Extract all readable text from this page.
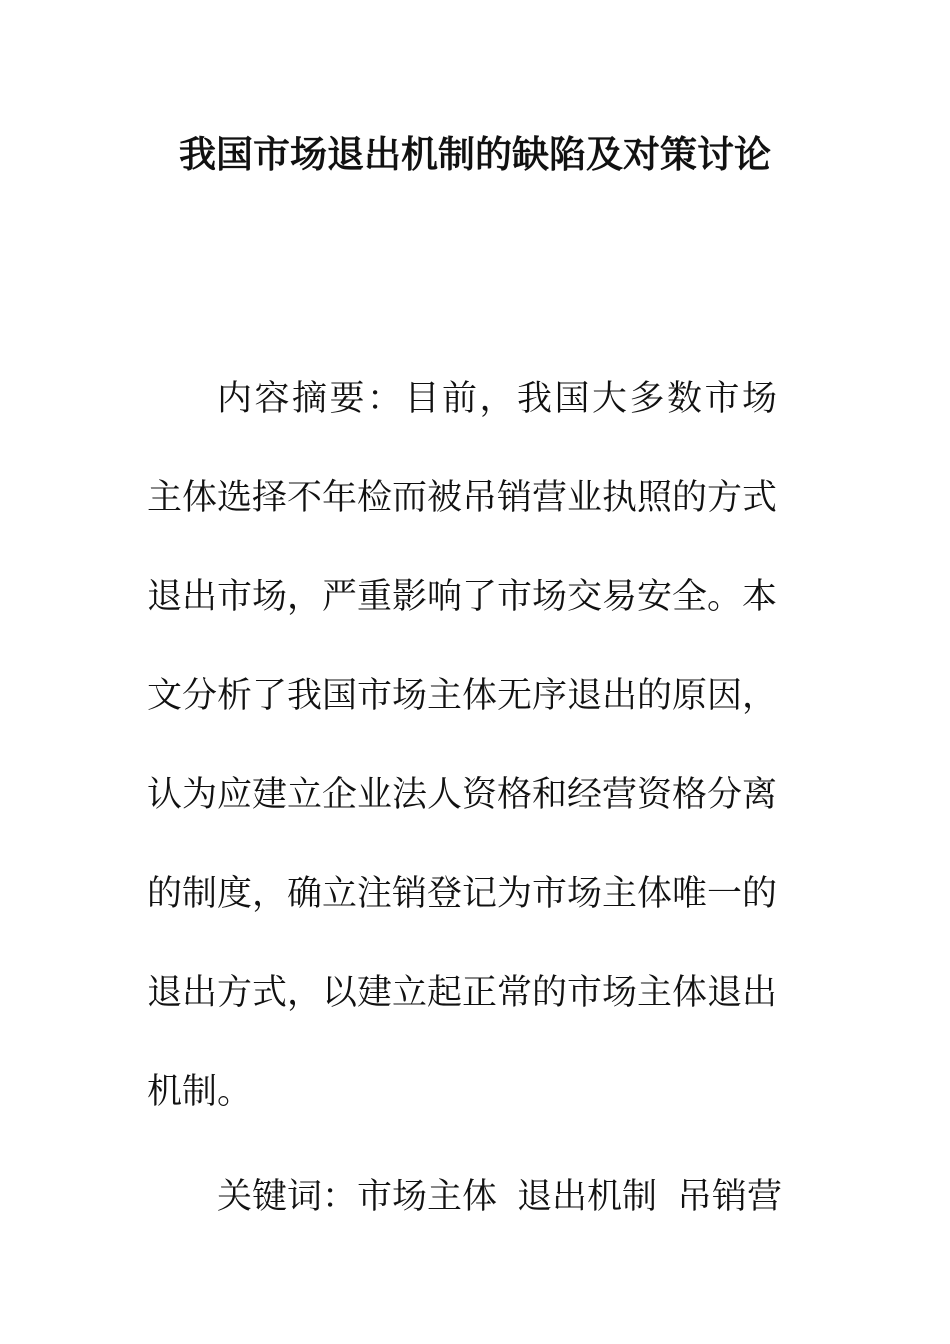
我国市场退出机制的缺陷及对策讨论

内容摘要：目前，我国大多数市场主体选择不年检而被吊销营业执照的方式退出市场，严重影响了市场交易安全。本文分析了我国市场主体无序退出的原因，认为应建立企业法人资格和经营资格分离的制度，确立注销登记为市场主体唯一的退出方式，以建立起正常的市场主体退出机制。

关键词：市场主体 退出机制 吊销营
